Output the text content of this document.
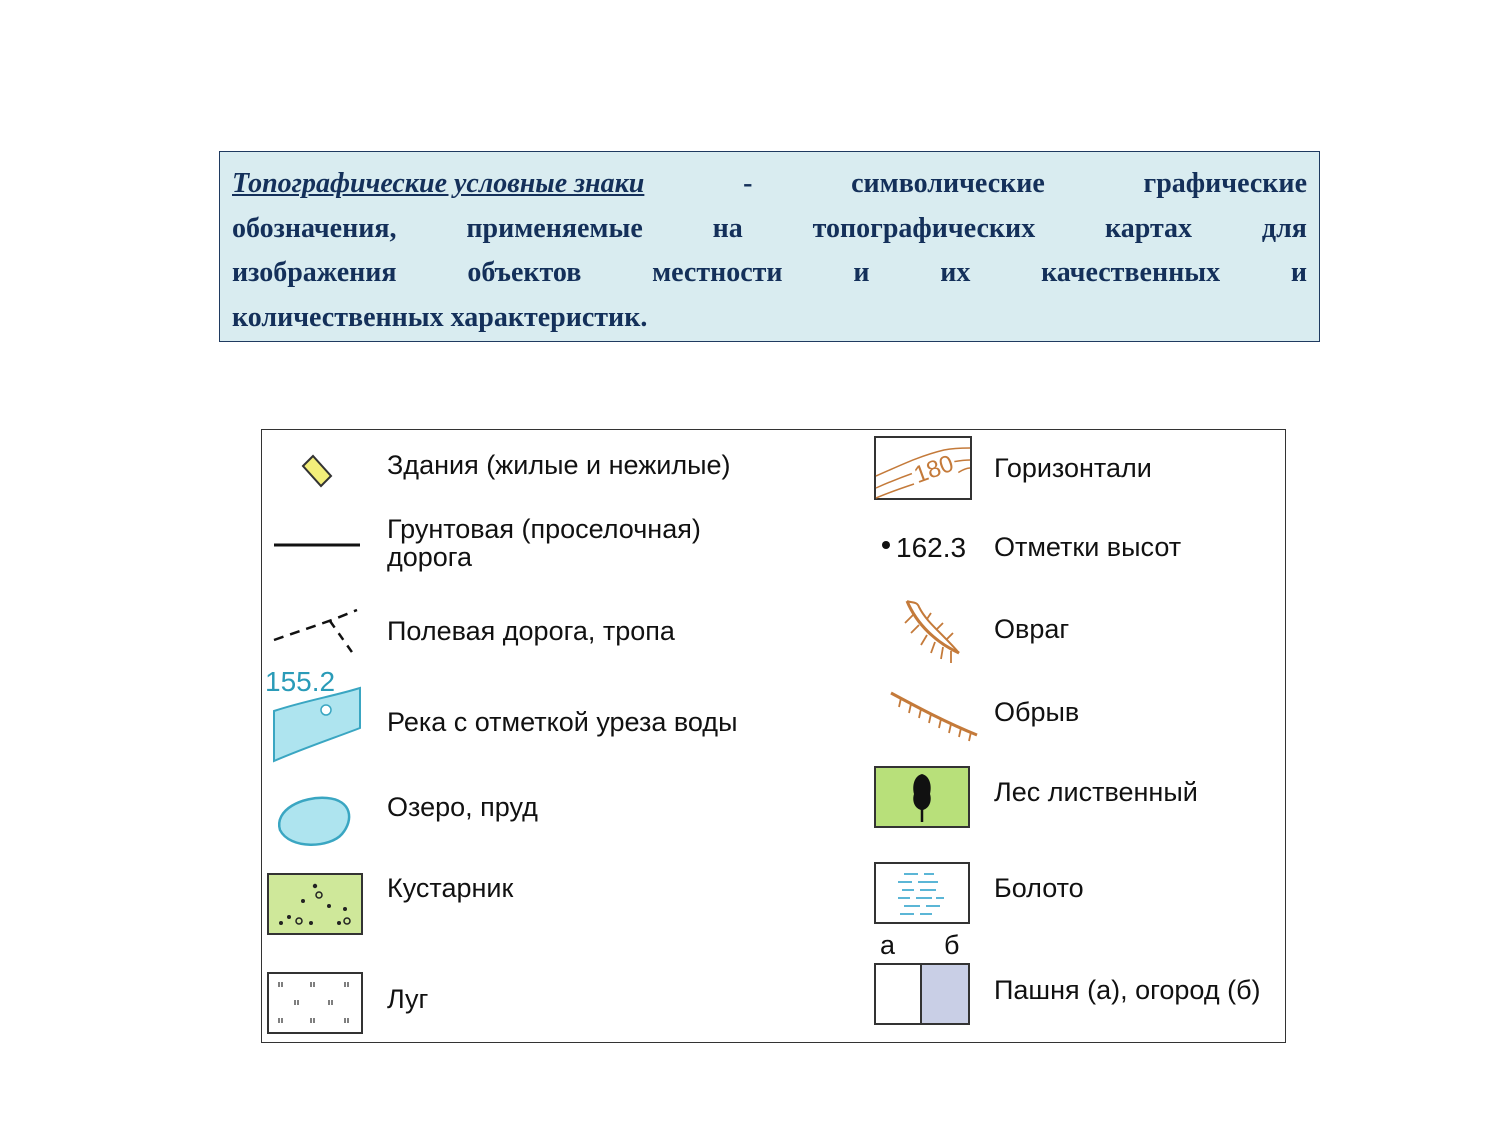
Топографические условные знаки	-	символические	графические
обозначения, применяемые на топографических картах для
изображения	объектов	местности	и	их	качественных	и
количественных характеристик.
Здания (жилые и нежилые)
Грунтовая (проселочная) дорога
Полевая дорога, тропа
155.2
Река с отметкой уреза воды
Озеро, пруд
Кустарник
Луг
180 Горизонтали
162.3 Отметки высот
Овраг
Обрыв
Лес лиственный
Болото
а б
Пашня (а), огород (б)
